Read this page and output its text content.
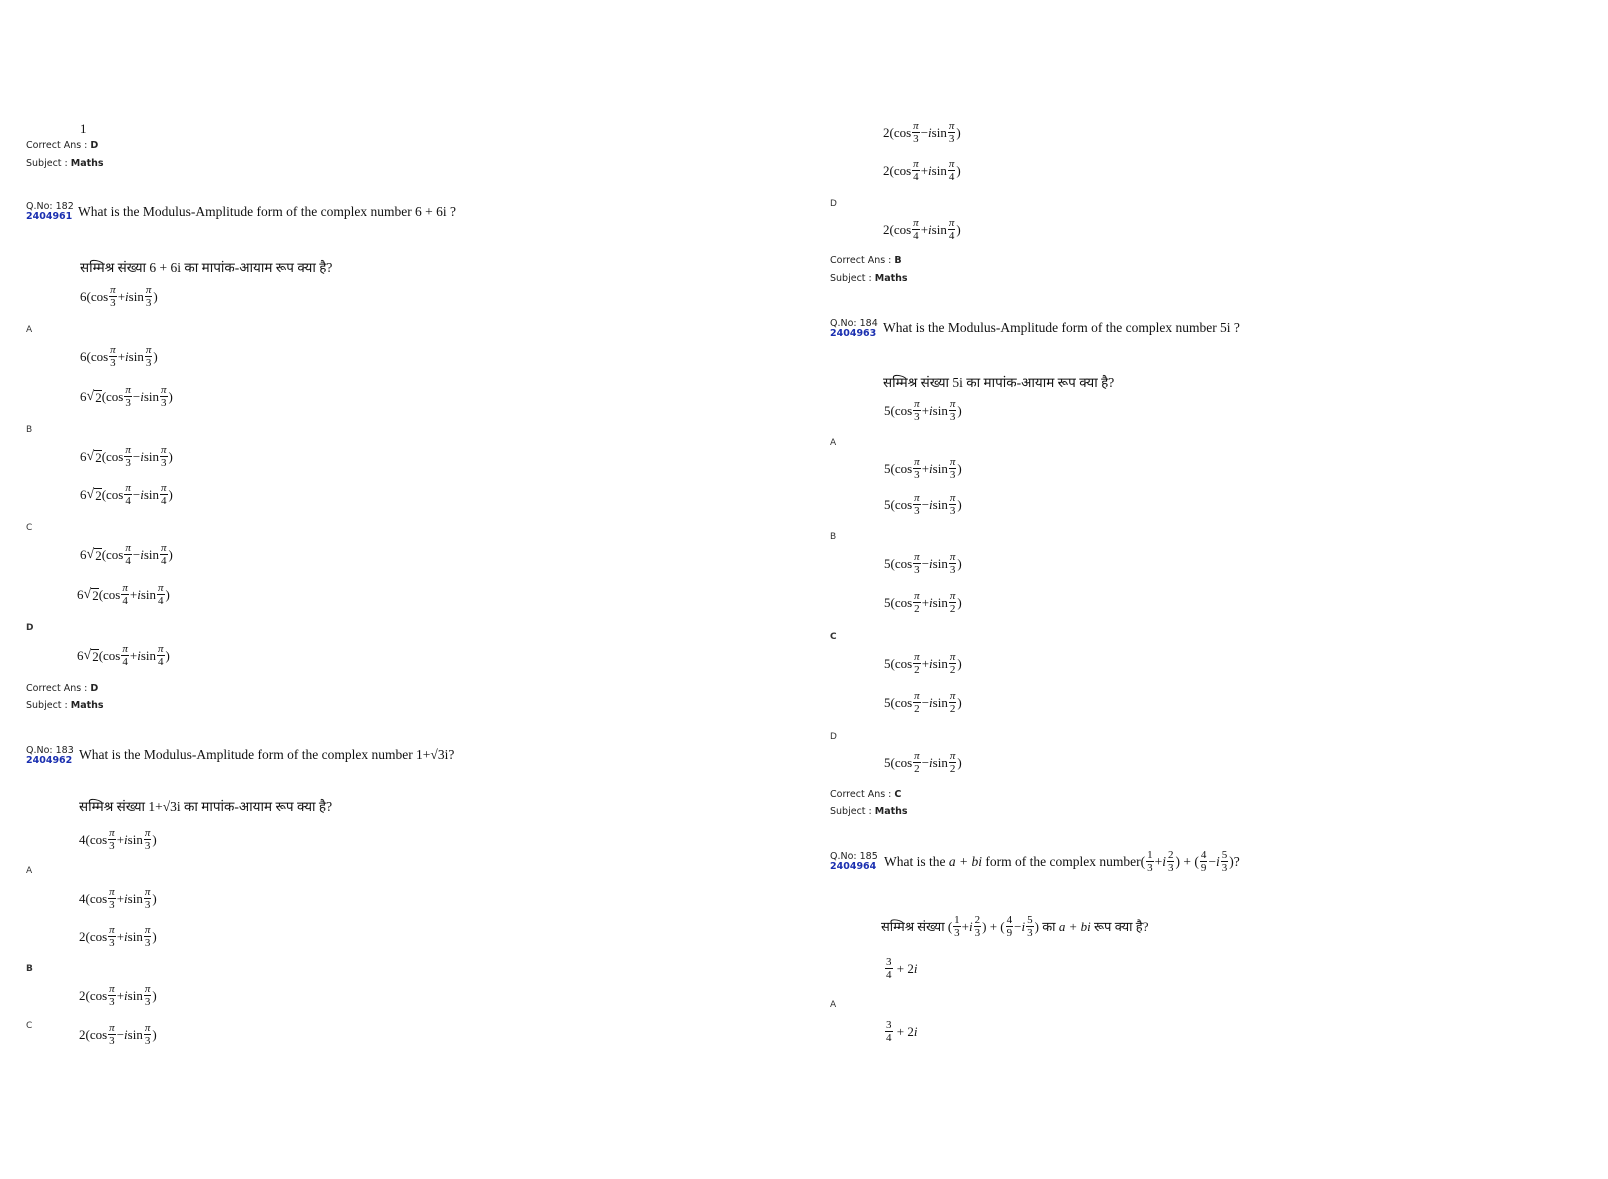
1
Correct Ans : D
Subject : Maths
Q.No: 182
2404961 What is the Modulus-Amplitude form of the complex number 6 + 6i ?
सम्मिश्र संख्या 6 + 6i का मापांक-आयाम रूप क्या है?
$6(\cos \frac{\pi}{3} + i$ $\sin \frac{\pi}{3}$ )
A
$6(\cos \frac{\pi}{3} + i$ $\sin \frac{\pi}{3}$ )
6 √ 2 ($\cos \frac{\pi}{3} - i$ $\sin \frac{\pi}{3}$ )
B
6 √ 2 ($\cos \frac{\pi}{3} - i$ $\sin \frac{\pi}{3}$ )
6 √ 2 ($\cos \frac{\pi}{4} - i$ $\sin \frac{\pi}{4}$ )
C
6 √ 2 ($\cos \frac{\pi}{4} - i$ $\sin \frac{\pi}{4}$ )
6 √ 2 ($\cos \frac{\pi}{4} + i$ $\sin \frac{\pi}{4}$ )
D
6 √ 2 ($\cos \frac{\pi}{4} + i$ $\sin \frac{\pi}{4}$ )
Correct Ans : D
Subject : Maths
Q.No: 183
2404962 What is the Modulus-Amplitude form of the complex number 1+√3i?
सम्मिश्र संख्या 1+√3i का मापांक-आयाम रूप क्या है?
$4(\cos \frac{\pi}{3} + i$ $\sin \frac{\pi}{3}$ )
A
$4(\cos \frac{\pi}{3} + i$ $\sin \frac{\pi}{3}$ )
$2(\cos \frac{\pi}{3} + i$ $\sin \frac{\pi}{3}$ )
B
$2(\cos \frac{\pi}{3} + i$ $\sin \frac{\pi}{3}$ )
C
$2(\cos \frac{\pi}{3} - i$ $\sin \frac{\pi}{3}$ )
$2(\cos \frac{\pi}{3} - i$ $\sin \frac{\pi}{3}$ )
$2(\cos \frac{\pi}{4} + i$ $\sin \frac{\pi}{4}$ )
D
$2(\cos \frac{\pi}{4} + i$ $\sin \frac{\pi}{4}$ )
Correct Ans : B
Subject : Maths
Q.No: 184
2404963 What is the Modulus-Amplitude form of the complex number 5i ?
सम्मिश्र संख्या 5i का मापांक-आयाम रूप क्या है?
$5(\cos \frac{\pi}{3} + i$ $\sin \frac{\pi}{3}$ )
A
$5(\cos \frac{\pi}{3} + i$ $\sin \frac{\pi}{3}$ )
$5(\cos \frac{\pi}{3} - i$ $\sin \frac{\pi}{3}$ )
B
$5(\cos \frac{\pi}{3} - i$ $\sin \frac{\pi}{3}$ )
$5(\cos \frac{\pi}{2} + i$ $\sin \frac{\pi}{2}$ )
C
$5(\cos \frac{\pi}{2} + i$ $\sin \frac{\pi}{2}$ )
$5(\cos \frac{\pi}{2} - i$ $\sin \frac{\pi}{2}$ )
D
$5(\cos \frac{\pi}{2} - i$ $\sin \frac{\pi}{2}$ )
Correct Ans : C
Subject : Maths
Q.No: 185
2404964 What is the
a + bi
form of the complex number ( $\frac{1}{3} + i \frac{2}{3}$ ) + ( $\frac{4}{9} - i \frac{5}{3}$ )?
सम्मिश्र संख्या ( $\frac{1}{3} + i \frac{2}{3}$ ) + ( $\frac{4}{9} - i \frac{5}{3}$ ) का
a + bi
रूप क्या है?
$\frac{3}{4} + 2$ i
A
$\frac{3}{4} + 2$ i
